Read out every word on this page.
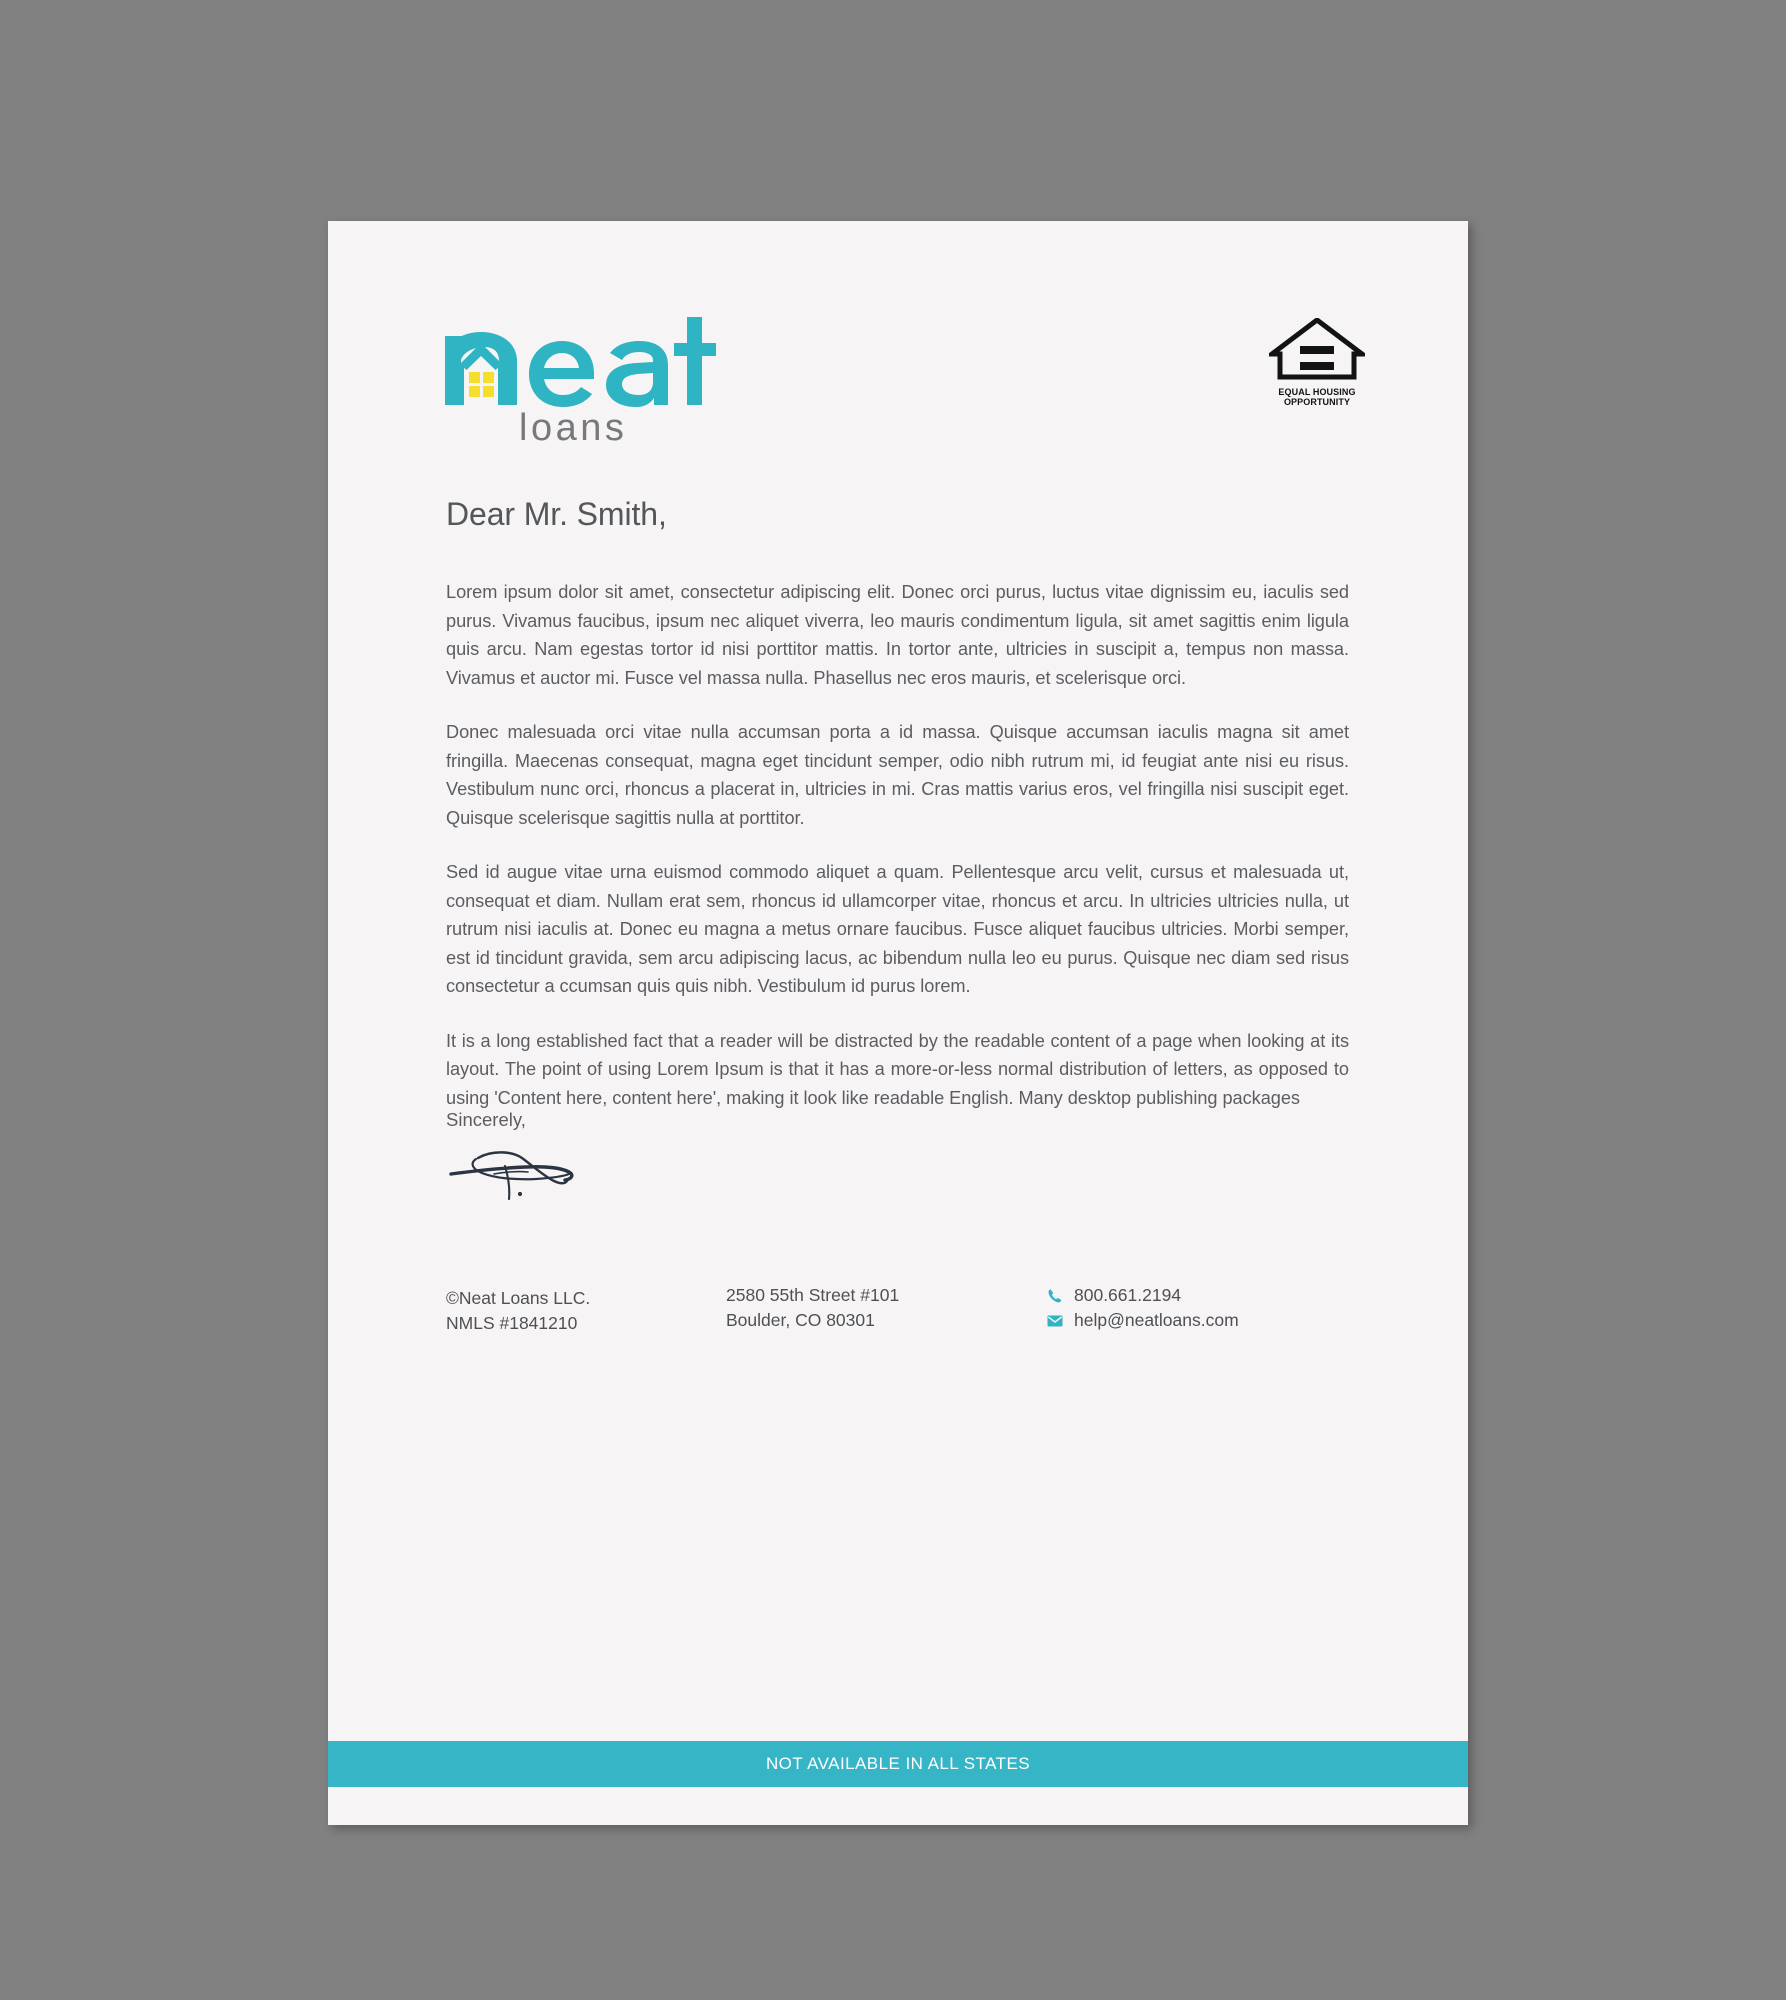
loans
EQUAL HOUSING
OPPORTUNITY
Dear Mr. Smith,

Lorem ipsum dolor sit amet, consectetur adipiscing elit. Donec orci purus, luctus vitae dignissim eu, iaculis sed purus. Vivamus faucibus, ipsum nec aliquet viverra, leo mauris condimentum ligula, sit amet sagittis enim ligula quis arcu. Nam egestas tortor id nisi porttitor mattis. In tortor ante, ultricies in suscipit a, tempus non massa. Vivamus et auctor mi. Fusce vel massa nulla. Phasellus nec eros mauris, et scelerisque orci.

Donec malesuada orci vitae nulla accumsan porta a id massa. Quisque accumsan iaculis magna sit amet fringilla. Maecenas consequat, magna eget tincidunt semper, odio nibh rutrum mi, id feugiat ante nisi eu risus. Vestibulum nunc orci, rhoncus a placerat in, ultricies in mi. Cras mattis varius eros, vel fringilla nisi suscipit eget. Quisque scelerisque sagittis nulla at porttitor.

Sed id augue vitae urna euismod commodo aliquet a quam. Pellentesque arcu velit, cursus et malesuada ut, consequat et diam. Nullam erat sem, rhoncus id ullamcorper vitae, rhoncus et arcu. In ultricies ultricies nulla, ut rutrum nisi iaculis at. Donec eu magna a metus ornare faucibus. Fusce aliquet faucibus ultricies. Morbi semper, est id tincidunt gravida, sem arcu adipiscing lacus, ac bibendum nulla leo eu purus. Quisque nec diam sed risus consectetur a ccumsan quis quis nibh. Vestibulum id purus lorem.

It is a long established fact that a reader will be distracted by the readable content of a page when looking at its layout. The point of using Lorem Ipsum is that it has a more-or-less normal distribution of letters, as opposed to using 'Content here, content here', making it look like readable English. Many desktop publishing packages

Sincerely,
©Neat Loans LLC.
NMLS #1841210
2580 55th Street #101
Boulder, CO 80301
800.661.2194
help@neatloans.com
NOT AVAILABLE IN ALL STATES
